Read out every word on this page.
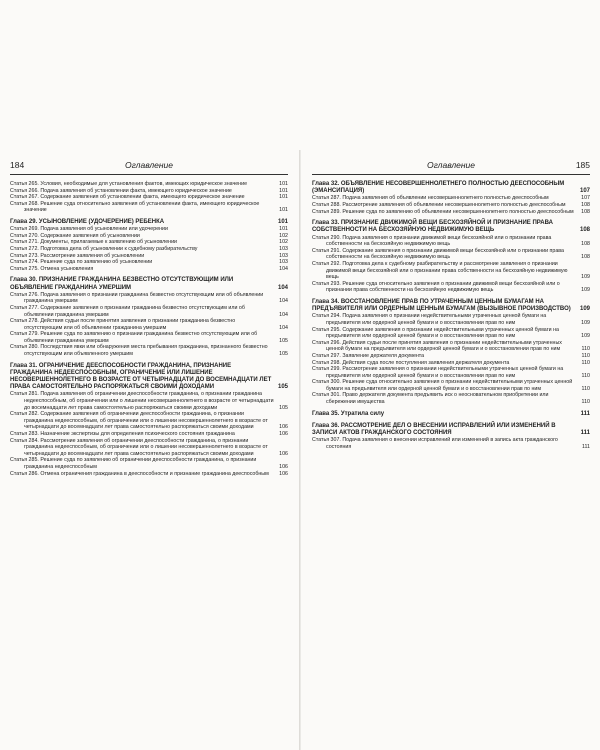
184	Оглавление
Статья 265. Условия, необходимые для установления фактов, имеющих юридическое значение	101
Статья 266. Подача заявления об установлении факта, имеющего юридическое значение	101
Статья 267. Содержание заявления об установлении факта, имеющего юридическое значение	101
Статья 268. Решение суда относительно заявления об установлении факта, имеющего юридическое значение	101
Глава 29. УСЫНОВЛЕНИЕ (УДОЧЕРЕНИЕ) РЕБЕНКА	101
Статья 269. Подача заявления об усыновлении или удочерении	101
Статья 270. Содержание заявления об усыновлении	102
Статья 271. Документы, прилагаемые к заявлению об усыновлении	102
Статья 272. Подготовка дела об усыновлении к судебному разбирательству	103
Статья 273. Рассмотрение заявления об усыновлении	103
Статья 274. Решение суда по заявлению об усыновлении	103
Статья 275. Отмена усыновления	104
Глава 30. ПРИЗНАНИЕ ГРАЖДАНИНА БЕЗВЕСТНО ОТСУТСТВУЮЩИМ ИЛИ ОБЪЯВЛЕНИЕ ГРАЖДАНИНА УМЕРШИМ	104
Статья 276. Подача заявления о признании гражданина безвестно отсутствующим или об объявлении гражданина умершим	104
Статья 277. Содержание заявления о признании гражданина безвестно отсутствующим или об объявлении гражданина умершим	104
Статья 278. Действия судьи после принятия заявления о признании гражданина безвестно отсутствующим или об объявлении гражданина умершим	104
Статья 279. Решение суда по заявлению о признании гражданина безвестно отсутствующим или об объявлении гражданина умершим	105
Статья 280. Последствия явки или обнаружения места пребывания гражданина, признанного безвестно отсутствующим или объявленного умершим	105
Глава 31. ОГРАНИЧЕНИЕ ДЕЕСПОСОБНОСТИ ГРАЖДАНИНА, ПРИЗНАНИЕ ГРАЖДАНИНА НЕДЕЕСПОСОБНЫМ, ОГРАНИЧЕНИЕ ИЛИ ЛИШЕНИЕ НЕСОВЕРШЕННОЛЕТНЕГО В ВОЗРАСТЕ ОТ ЧЕТЫРНАДЦАТИ ДО ВОСЕМНАДЦАТИ ЛЕТ ПРАВА САМОСТОЯТЕЛЬНО РАСПОРЯЖАТЬСЯ СВОИМИ ДОХОДАМИ	105
Статья 281. Подача заявления об ограничении дееспособности гражданина, о признании гражданина недееспособным, об ограничении или о лишении несовершеннолетнего в возрасте от четырнадцати до восемнадцати лет права самостоятельно распоряжаться своими доходами	105
Статья 282. Содержание заявления об ограничении дееспособности гражданина, о признании гражданина недееспособным, об ограничении или о лишении несовершеннолетнего в возрасте от четырнадцати до восемнадцати лет права самостоятельно распоряжаться своими доходами	106
Статья 283. Назначение экспертизы для определения психического состояния гражданина	106
Статья 284. Рассмотрение заявления об ограничении дееспособности гражданина, о признании гражданина недееспособным, об ограничении или о лишении несовершеннолетнего в возрасте от четырнадцати до восемнадцати лет права самостоятельно распоряжаться своими доходами	106
Статья 285. Решение суда по заявлению об ограничении дееспособности гражданина, о признании гражданина недееспособным	106
Статья 286. Отмена ограничения гражданина в дееспособности и признание гражданина дееспособным	106
Оглавление	185
Глава 32. ОБЪЯВЛЕНИЕ НЕСОВЕРШЕННОЛЕТНЕГО ПОЛНОСТЬЮ ДЕЕСПОСОБНЫМ (ЭМАНСИПАЦИЯ)	107
Статья 287. Подача заявления об объявлении несовершеннолетнего полностью дееспособным	107
Статья 288. Рассмотрение заявления об объявлении несовершеннолетнего полностью дееспособным	108
Статья 289. Решение суда по заявлению об объявлении несовершеннолетнего полностью дееспособным	108
Глава 33. ПРИЗНАНИЕ ДВИЖИМОЙ ВЕЩИ БЕСХОЗЯЙНОЙ И ПРИЗНАНИЕ ПРАВА СОБСТВЕННОСТИ НА БЕСХОЗЯЙНУЮ НЕДВИЖИМУЮ ВЕЩЬ	108
Статья 290. Подача заявления о признании движимой вещи бесхозяйной или о признании права собственности на бесхозяйную недвижимую вещь	108
Статья 291. Содержание заявления о признании движимой вещи бесхозяйной или о признании права собственности на бесхозяйную недвижимую вещь	108
Статья 292. Подготовка дела к судебному разбирательству и рассмотрение заявления о признании движимой вещи бесхозяйной или о признании права собственности на бесхозяйную недвижимую вещь	109
Статья 293. Решение суда относительно заявления о признании движимой вещи бесхозяйной или о признании права собственности на бесхозяйную недвижимую вещь	109
Глава 34. ВОССТАНОВЛЕНИЕ ПРАВ ПО УТРАЧЕННЫМ ЦЕННЫМ БУМАГАМ НА ПРЕДЪЯВИТЕЛЯ ИЛИ ОРДЕРНЫМ ЦЕННЫМ БУМАГАМ (ВЫЗЫВНОЕ ПРОИЗВОДСТВО)	109
Статья 294. Подача заявления о признании недействительными утраченных ценной бумаги на предъявителя или ордерной ценной бумаги и о восстановлении прав по ним	109
Статья 295. Содержание заявления о признании недействительными утраченных ценной бумаги на предъявителя или ордерной ценной бумаги и о восстановлении прав по ним	109
Статья 296. Действия судьи после принятия заявления о признании недействительными утраченных ценной бумаги на предъявителя или ордерной ценной бумаги и о восстановлении прав по ним	110
Статья 297. Заявление держателя документа	110
Статья 298. Действия суда после поступления заявления держателя документа	110
Статья 299. Рассмотрение заявления о признании недействительными утраченных ценной бумаги на предъявителя или ордерной ценной бумаги и о восстановлении прав по ним	110
Статья 300. Решение суда относительно заявления о признании недействительными утраченных ценной бумаги на предъявителя или ордерной ценной бумаги и о восстановлении прав по ним	110
Статья 301. Право держателя документа предъявить иск о неосновательном приобретении или сбережении имущества	110
Глава 35. Утратила силу	111
Глава 36. РАССМОТРЕНИЕ ДЕЛ О ВНЕСЕНИИ ИСПРАВЛЕНИЙ ИЛИ ИЗМЕНЕНИЙ В ЗАПИСИ АКТОВ ГРАЖДАНСКОГО СОСТОЯНИЯ	111
Статья 307. Подача заявления о внесении исправлений или изменений в запись акта гражданского состояния	111
